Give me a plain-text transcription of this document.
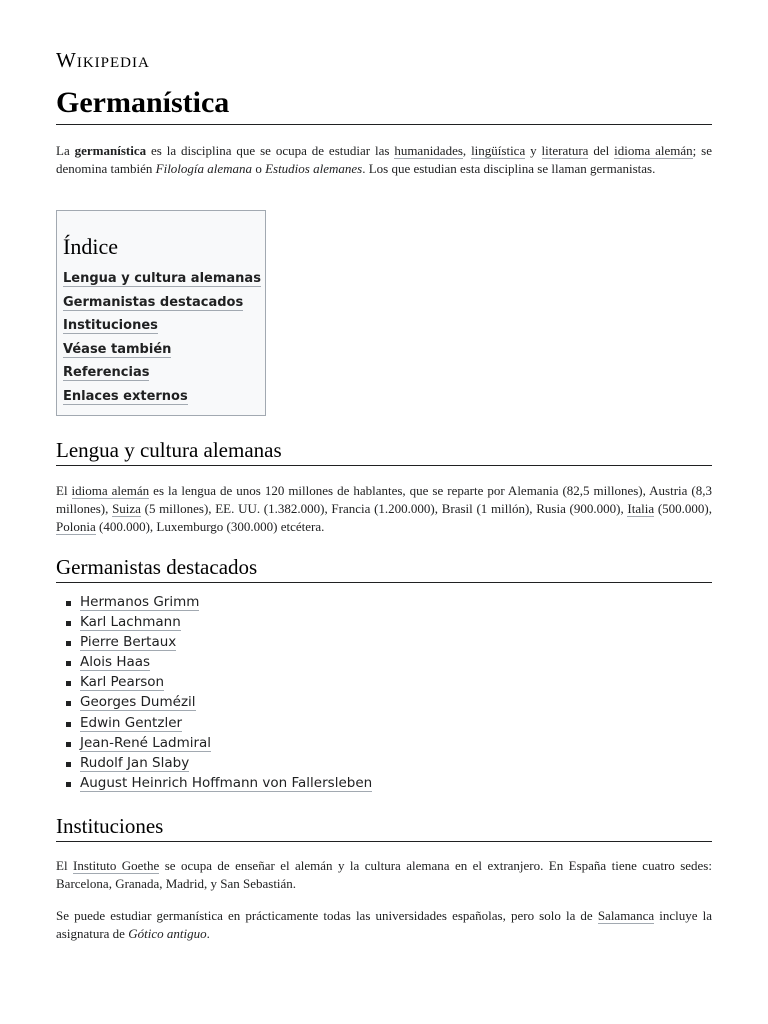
Wikipedia
Germanística

La germanística es la disciplina que se ocupa de estudiar las humanidades, lingüística y literatura del idioma alemán; se denomina también Filología alemana o Estudios alemanes. Los que estudian esta disciplina se llaman germanistas.

Índice
Lengua y cultura alemanas
Germanistas destacados
Instituciones
Véase también
Referencias
Enlaces externos
Lengua y cultura alemanas

El idioma alemán es la lengua de unos 120 millones de hablantes, que se reparte por Alemania (82,5 millones), Austria (8,3 millones), Suiza (5 millones), EE. UU. (1.382.000), Francia (1.200.000), Brasil (1 millón), Rusia (900.000), Italia (500.000), Polonia (400.000), Luxemburgo (300.000) etcétera.

Germanistas destacados
Hermanos Grimm
Karl Lachmann
Pierre Bertaux
Alois Haas
Karl Pearson
Georges Dumézil
Edwin Gentzler
Jean-René Ladmiral
Rudolf Jan Slaby
August Heinrich Hoffmann von Fallersleben
Instituciones

El Instituto Goethe se ocupa de enseñar el alemán y la cultura alemana en el extranjero. En España tiene cuatro sedes: Barcelona, Granada, Madrid, y San Sebastián.

Se puede estudiar germanística en prácticamente todas las universidades españolas, pero solo la de Salamanca incluye la asignatura de Gótico antiguo.
